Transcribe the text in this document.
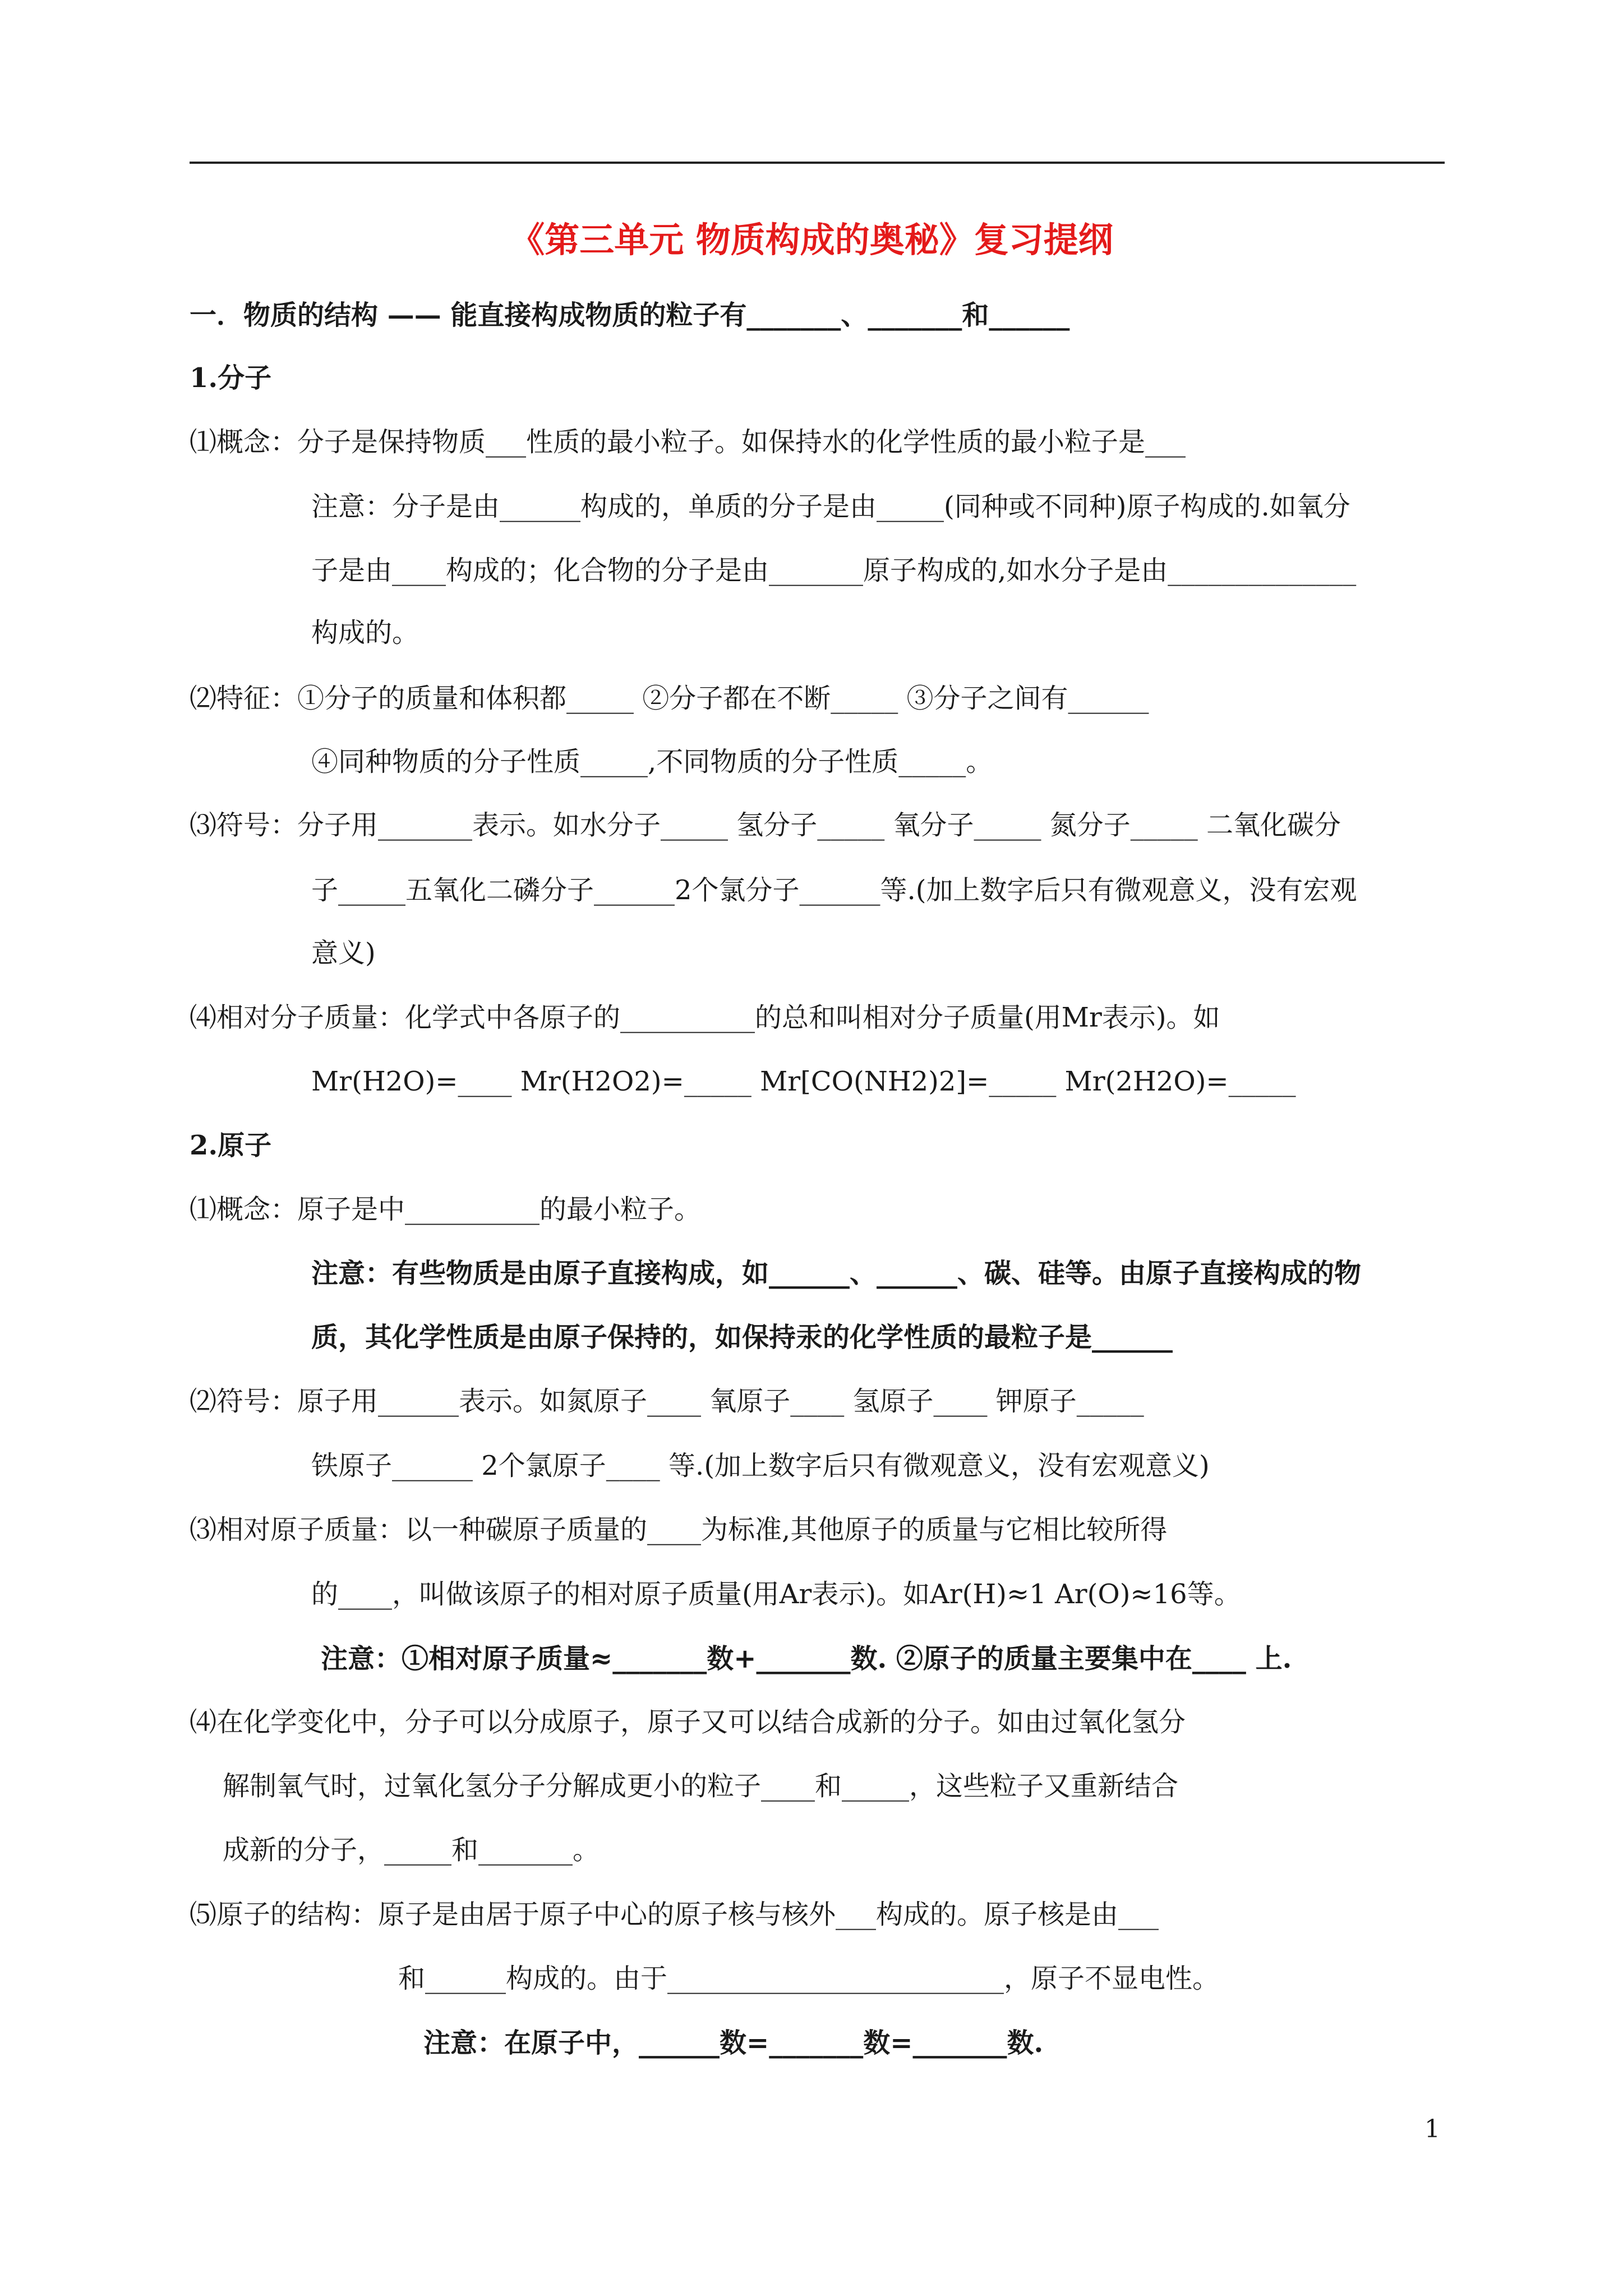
《第三单元 物质构成的奥秘》复习提纲
一．物质的结构 —— 能直接构成物质的粒子有_______、_______和______
1.分子
⑴概念：分子是保持物质___性质的最小粒子。如保持水的化学性质的最小粒子是___
注意：分子是由______构成的，单质的分子是由_____(同种或不同种)原子构成的.如氧分
子是由____构成的；化合物的分子是由_______原子构成的,如水分子是由______________
构成的。
⑵特征：①分子的质量和体积都_____ ②分子都在不断_____ ③分子之间有______
④同种物质的分子性质_____,不同物质的分子性质_____。
⑶符号：分子用_______表示。如水分子_____ 氢分子_____ 氧分子_____ 氮分子_____ 二氧化碳分
子_____五氧化二磷分子______2个氯分子______等.(加上数字后只有微观意义，没有宏观
意义)
⑷相对分子质量：化学式中各原子的__________的总和叫相对分子质量(用Mr表示)。如
Mr(H2O)=____ Mr(H2O2)=_____ Mr[CO(NH2)2]=_____ Mr(2H2O)=_____
2.原子
⑴概念：原子是中__________的最小粒子。
注意：有些物质是由原子直接构成，如______、______、碳、硅等。由原子直接构成的物
质，其化学性质是由原子保持的，如保持汞的化学性质的最粒子是______
⑵符号：原子用______表示。如氮原子____ 氧原子____ 氢原子____ 钾原子_____
铁原子______ 2个氯原子____ 等.(加上数字后只有微观意义，没有宏观意义)
⑶相对原子质量：以一种碳原子质量的____为标准,其他原子的质量与它相比较所得
的____，叫做该原子的相对原子质量(用Ar表示)。如Ar(H)≈1 Ar(O)≈16等。
注意：①相对原子质量≈_______数+_______数. ②原子的质量主要集中在____ 上.
⑷在化学变化中，分子可以分成原子，原子又可以结合成新的分子。如由过氧化氢分
解制氧气时，过氧化氢分子分解成更小的粒子____和_____，这些粒子又重新结合
成新的分子，_____和_______。
⑸原子的结构：原子是由居于原子中心的原子核与核外___构成的。原子核是由___
和______构成的。由于_________________________，原子不显电性。
注意：在原子中，______数=_______数=_______数.
1
